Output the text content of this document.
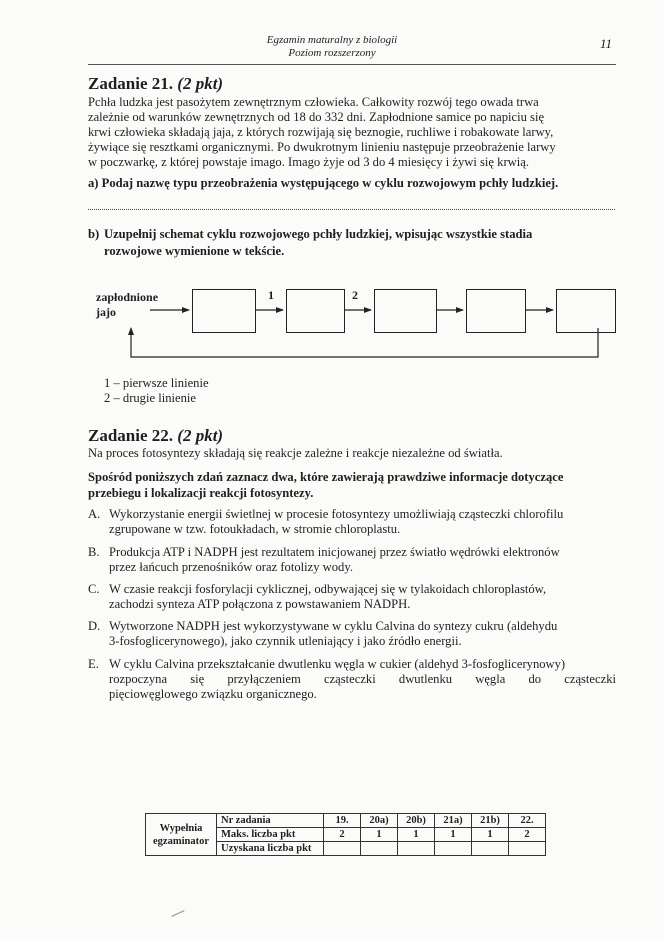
Egzamin maturalny z biologii
Poziom rozszerzony
11
Zadanie 21. (2 pkt)
Pchła ludzka jest pasożytem zewnętrznym człowieka. Całkowity rozwój tego owada trwa
zależnie od warunków zewnętrznych od 18 do 332 dni. Zapłodnione samice po napiciu się
krwi człowieka składają jaja, z których rozwijają się beznogie, ruchliwe i robakowate larwy,
żywiące się resztkami organicznymi. Po dwukrotnym linieniu następuje przeobrażenie larwy
w poczwarkę, z której powstaje imago. Imago żyje od 3 do 4 miesięcy i żywi się krwią.
a) Podaj nazwę typu przeobrażenia występującego w cyklu rozwojowym pchły ludzkiej.
b) Uzupełnij schemat cyklu rozwojowego pchły ludzkiej, wpisując wszystkie stadia
rozwojowe wymienione w tekście.
zapłodnione
jajo
1	2
1 – pierwsze linienie
2 – drugie linienie
Zadanie 22. (2 pkt)
Na proces fotosyntezy składają się reakcje zależne i reakcje niezależne od światła.
Spośród poniższych zdań zaznacz dwa, które zawierają prawdziwe informacje dotyczące
przebiegu i lokalizacji reakcji fotosyntezy.
A. Wykorzystanie energii świetlnej w procesie fotosyntezy umożliwiają cząsteczki chlorofilu
zgrupowane w tzw. fotoukładach, w stromie chloroplastu.
B. Produkcja ATP i NADPH jest rezultatem inicjowanej przez światło wędrówki elektronów
przez łańcuch przenośników oraz fotolizy wody.
C. W czasie reakcji fosforylacji cyklicznej, odbywającej się w tylakoidach chloroplastów,
zachodzi synteza ATP połączona z powstawaniem NADPH.
D. Wytworzone NADPH jest wykorzystywane w cyklu Calvina do syntezy cukru (aldehydu
3-fosfoglicerynowego), jako czynnik utleniający i jako źródło energii.
E. W cyklu Calvina przekształcanie dwutlenku węgla w cukier (aldehyd 3-fosfoglicerynowy)
rozpoczyna się przyłączeniem cząsteczki dwutlenku węgla do cząsteczki
pięciowęglowego związku organicznego.
Wypełnia
egzaminator	Nr zadania	19.	20a)	20b)	21a)	21b)	22.
	Maks. liczba pkt	2	1	1	1	1	2
	Uzyskana liczba pkt						
